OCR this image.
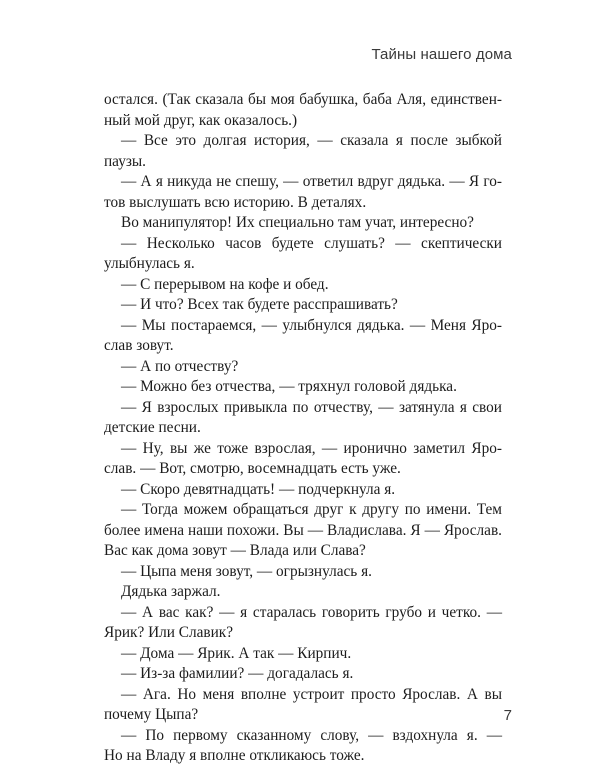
Тайны нашего дома
остался. (Так сказала бы моя бабушка, баба Аля, единствен-
ный мой друг, как оказалось.)
— Все это долгая история, — сказала я после зыбкой
паузы.
— А я никуда не спешу, — ответил вдруг дядька. — Я го-
тов выслушать всю историю. В деталях.
Во манипулятор! Их специально там учат, интересно?
— Несколько часов будете слушать? — скептически
улыбнулась я.
— С перерывом на кофе и обед.
— И что? Всех так будете расспрашивать?
— Мы постараемся, — улыбнулся дядька. — Меня Яро-
слав зовут.
— А по отчеству?
— Можно без отчества, — тряхнул головой дядька.
— Я взрослых привыкла по отчеству, — затянула я свои
детские песни.
— Ну, вы же тоже взрослая, — иронично заметил Яро-
слав. — Вот, смотрю, восемнадцать есть уже.
— Скоро девятнадцать! — подчеркнула я.
— Тогда можем обращаться друг к другу по имени. Тем
более имена наши похожи. Вы — Владислава. Я — Ярослав.
Вас как дома зовут — Влада или Слава?
— Цыпа меня зовут, — огрызнулась я.
Дядька заржал.
— А вас как? — я старалась говорить грубо и четко. —
Ярик? Или Славик?
— Дома — Ярик. А так — Кирпич.
— Из-за фамилии? — догадалась я.
— Ага. Но меня вполне устроит просто Ярослав. А вы
почему Цыпа?
— По первому сказанному слову, — вздохнула я. —
Но на Владу я вполне откликаюсь тоже.
7
